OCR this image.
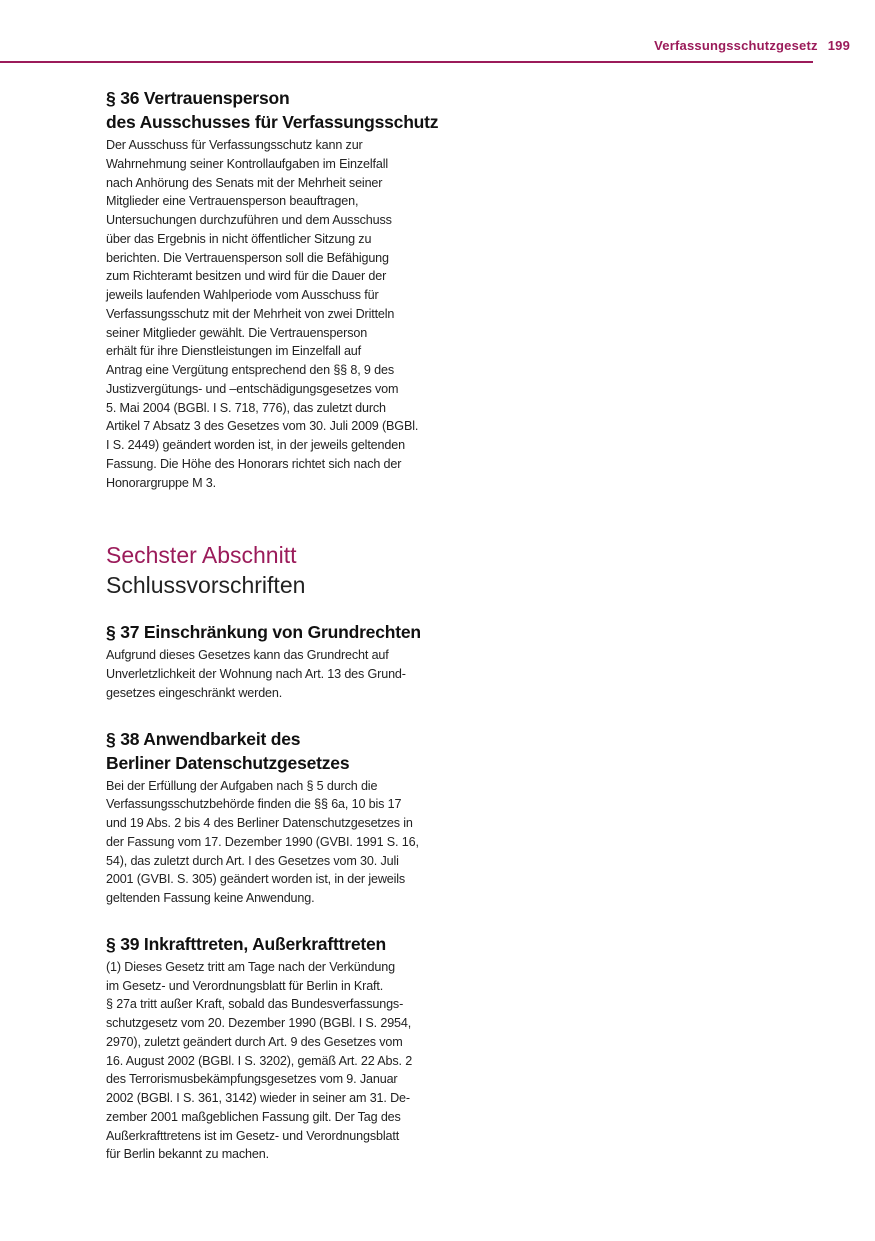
Verfassungsschutzgesetz 199
§ 36 Vertrauensperson
des Ausschusses für Verfassungsschutz

Der Ausschuss für Verfassungsschutz kann zur
Wahrnehmung seiner Kontrollaufgaben im Einzelfall
nach Anhörung des Senats mit der Mehrheit seiner
Mitglieder eine Vertrauensperson beauftragen,
Untersuchungen durchzuführen und dem Ausschuss
über das Ergebnis in nicht öffentlicher Sitzung zu
berichten. Die Vertrauensperson soll die Befähigung
zum Richteramt besitzen und wird für die Dauer der
jeweils laufenden Wahlperiode vom Ausschuss für
Verfassungsschutz mit der Mehrheit von zwei Dritteln
seiner Mitglieder gewählt. Die Vertrauensperson
erhält für ihre Dienstleistungen im Einzelfall auf
Antrag eine Vergütung entsprechend den §§ 8, 9 des
Justizvergütungs- und –entschädigungsgesetzes vom
5. Mai 2004 (BGBl. I S. 718, 776), das zuletzt durch
Artikel 7 Absatz 3 des Gesetzes vom 30. Juli 2009 (BGBl.
I S. 2449) geändert worden ist, in der jeweils geltenden
Fassung. Die Höhe des Honorars richtet sich nach der
Honorargruppe M 3.

Sechster Abschnitt
Schlussvorschriften
§ 37 Einschränkung von Grundrechten

Aufgrund dieses Gesetzes kann das Grundrecht auf
Unverletzlichkeit der Wohnung nach Art. 13 des Grund-
gesetzes eingeschränkt werden.

§ 38 Anwendbarkeit des
Berliner Datenschutzgesetzes

Bei der Erfüllung der Aufgaben nach § 5 durch die
Verfassungsschutzbehörde finden die §§ 6a, 10 bis 17
und 19 Abs. 2 bis 4 des Berliner Datenschutzgesetzes in
der Fassung vom 17. Dezember 1990 (GVBI. 1991 S. 16,
54), das zuletzt durch Art. I des Gesetzes vom 30. Juli
2001 (GVBI. S. 305) geändert worden ist, in der jeweils
geltenden Fassung keine Anwendung.

§ 39 Inkrafttreten, Außerkrafttreten

(1) Dieses Gesetz tritt am Tage nach der Verkündung
im Gesetz- und Verordnungsblatt für Berlin in Kraft.
§ 27a tritt außer Kraft, sobald das Bundesverfassungs-
schutzgesetz vom 20. Dezember 1990 (BGBl. I S. 2954,
2970), zuletzt geändert durch Art. 9 des Gesetzes vom
16. August 2002 (BGBl. I S. 3202), gemäß Art. 22 Abs. 2
des Terrorismusbekämpfungsgesetzes vom 9. Januar
2002 (BGBl. I S. 361, 3142) wieder in seiner am 31. De-
zember 2001 maßgeblichen Fassung gilt. Der Tag des
Außerkrafttretens ist im Gesetz- und Verordnungsblatt
für Berlin bekannt zu machen.
